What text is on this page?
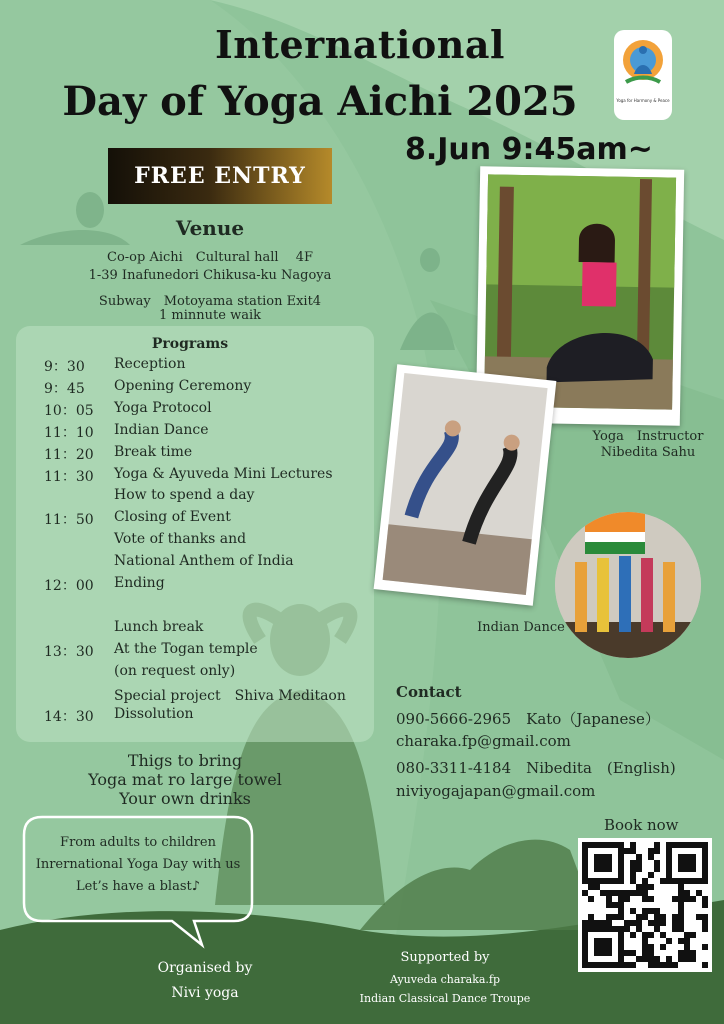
International
Day of Yoga Aichi 2025
8.Jun 9:45am~
Yoga for Harmony & Peace
FREE ENTRY
Venue
Co-op Aichi　Cultural hall　 4F
1-39 Inafunedori Chikusa-ku Nagoya
Subway　Motoyama station Exit4
1 minnute waik
Programs
9：30	Reception
9：45	Opening Ceremony
10：05	Yoga Protocol
11：10	Indian Dance
11：20	Break time
11：30	Yoga & Ayuveda Mini Lectures
How to spend a day
11：50	Closing of Event
Vote of thanks and
National Anthem of India
12：00	Ending
Lunch break
13：30	At the Togan temple
(on request only)
Special project　Shiva Meditaon
14：30	Dissolution
Thigs to bring
Yoga mat ro large towel
Your own drinks
From adults to children
Inrernational Yoga Day with us
Let’s have a blast♪
Yoga　Instructor
Nibedita Sahu
Indian Dance
Contact
090-5666-2965　Kato（Japanese）
charaka.fp@gmail.com
080-3311-4184　Nibedita　(English)
niviyogajapan@gmail.com
Book now
Organised by
Nivi yoga
Supported by
Ayuveda charaka.fp
Indian Classical Dance Troupe
